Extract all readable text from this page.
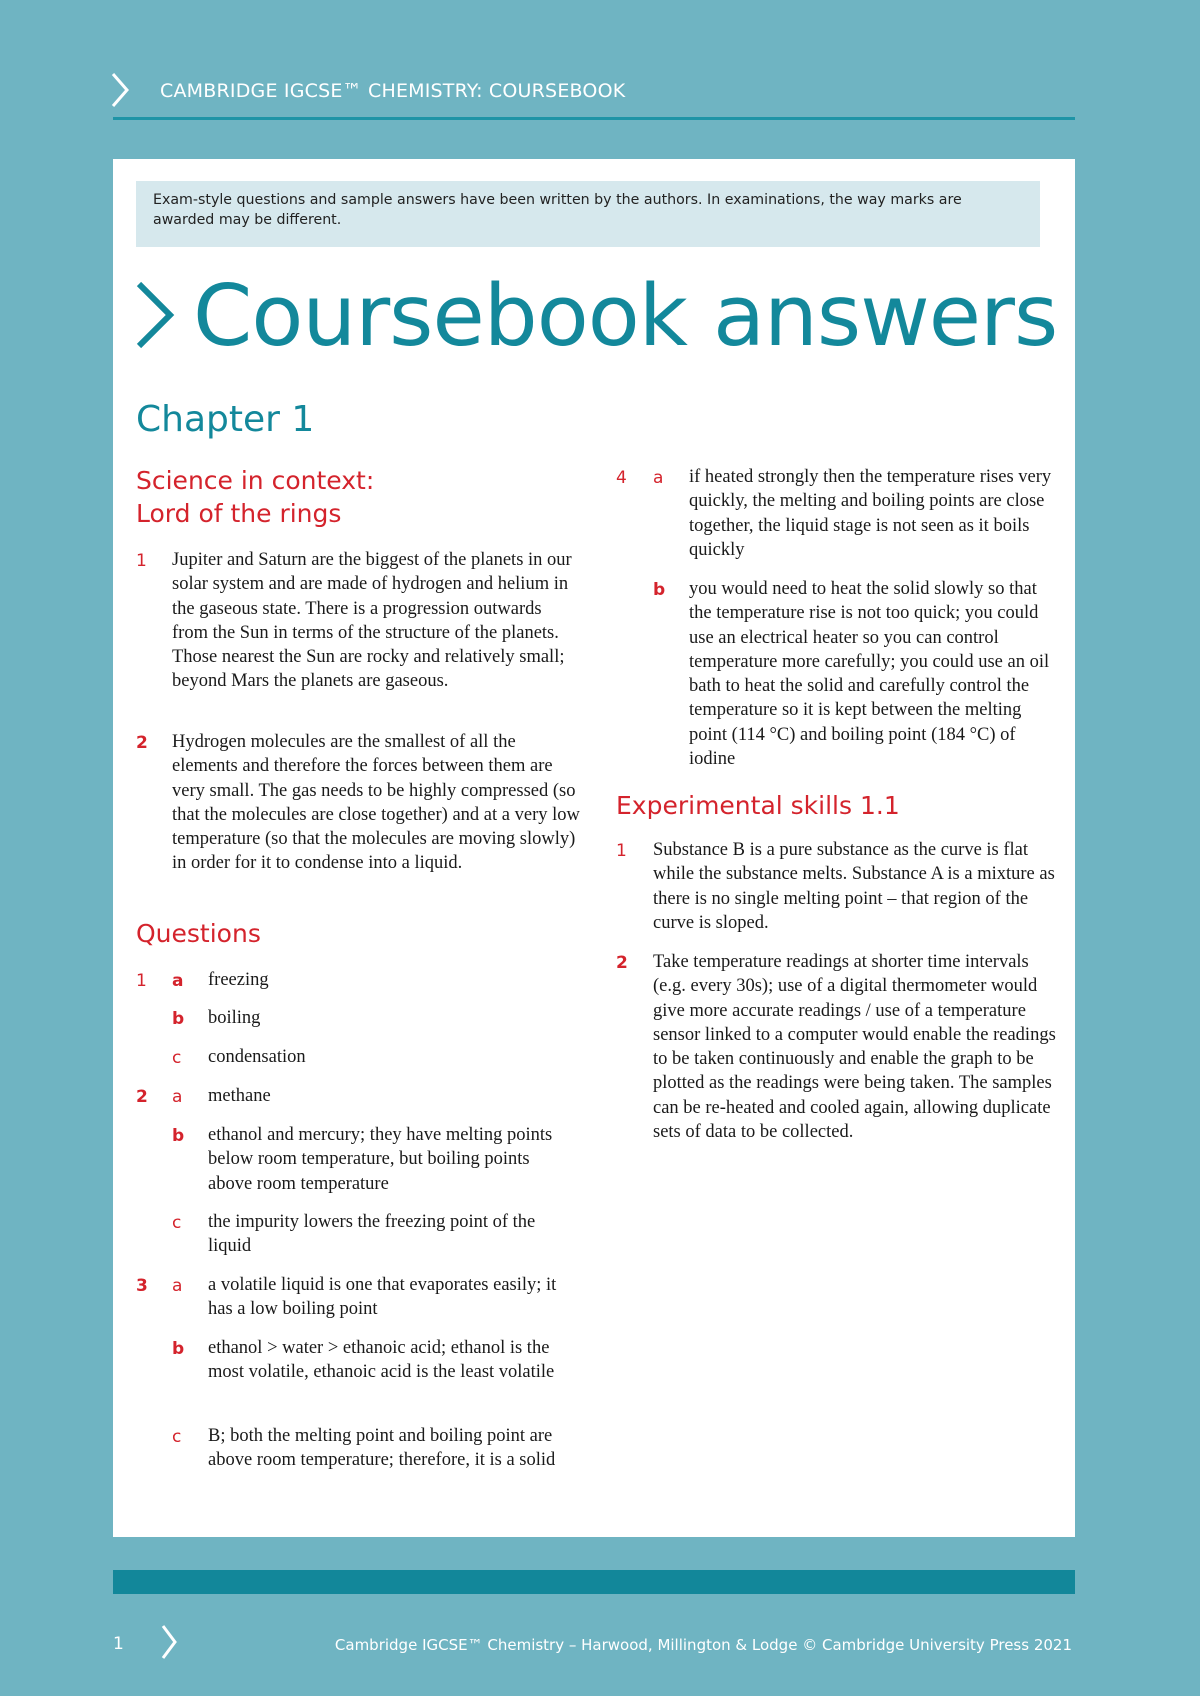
CAMBRIDGE IGCSE™ CHEMISTRY: COURSEBOOK
Exam-style questions and sample answers have been written by the authors. In examinations, the way marks are awarded may be different.
Coursebook answers
Chapter 1
Science in context:
Lord of the rings
1 Jupiter and Saturn are the biggest of the planets in our solar system and are made of hydrogen and helium in the gaseous state. There is a progression outwards from the Sun in terms of the structure of the planets. Those nearest the Sun are rocky and relatively small; beyond Mars the planets are gaseous.
2 Hydrogen molecules are the smallest of all the elements and therefore the forces between them are very small. The gas needs to be highly compressed (so that the molecules are close together) and at a very low temperature (so that the molecules are moving slowly) in order for it to condense into a liquid.
Questions
1 a freezing
b boiling
c condensation
2 a methane
b ethanol and mercury; they have melting points below room temperature, but boiling points above room temperature
c the impurity lowers the freezing point of the liquid
3 a a volatile liquid is one that evaporates easily; it has a low boiling point
b ethanol > water > ethanoic acid; ethanol is the most volatile, ethanoic acid is the least volatile
c B; both the melting point and boiling point are above room temperature; therefore, it is a solid
4 a if heated strongly then the temperature rises very quickly, the melting and boiling points are close together, the liquid stage is not seen as it boils quickly
b you would need to heat the solid slowly so that the temperature rise is not too quick; you could use an electrical heater so you can control temperature more carefully; you could use an oil bath to heat the solid and carefully control the temperature so it is kept between the melting point (114 °C) and boiling point (184 °C) of iodine
Experimental skills 1.1
1 Substance B is a pure substance as the curve is flat while the substance melts. Substance A is a mixture as there is no single melting point – that region of the curve is sloped.
2 Take temperature readings at shorter time intervals (e.g. every 30s); use of a digital thermometer would give more accurate readings / use of a temperature sensor linked to a computer would enable the readings to be taken continuously and enable the graph to be plotted as the readings were being taken. The samples can be re-heated and cooled again, allowing duplicate sets of data to be collected.
1	Cambridge IGCSE™ Chemistry – Harwood, Millington & Lodge © Cambridge University Press 2021
